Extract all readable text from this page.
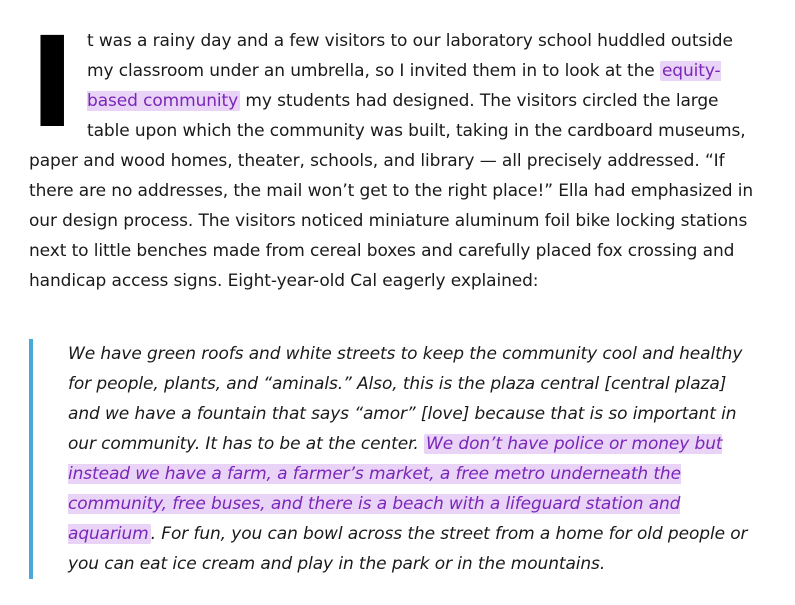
It was a rainy day and a few visitors to our laboratory school huddled outside my classroom under an umbrella, so I invited them in to look at the equity-based community my students had designed. The visitors circled the large table upon which the community was built, taking in the cardboard museums, paper and wood homes, theater, schools, and library — all precisely addressed. “If there are no addresses, the mail won’t get to the right place!” Ella had emphasized in our design process. The visitors noticed miniature aluminum foil bike locking stations next to little benches made from cereal boxes and carefully placed fox crossing and handicap access signs. Eight-year-old Cal eagerly explained:

We have green roofs and white streets to keep the community cool and healthy for people, plants, and “aminals.” Also, this is the plaza central [central plaza] and we have a fountain that says “amor” [love] because that is so important in our community. It has to be at the center. We don’t have police or money but instead we have a farm, a farmer’s market, a free metro underneath the community, free buses, and there is a beach with a lifeguard station and aquarium . For fun, you can bowl across the street from a home for old people or you can eat ice cream and play in the park or in the mountains.
